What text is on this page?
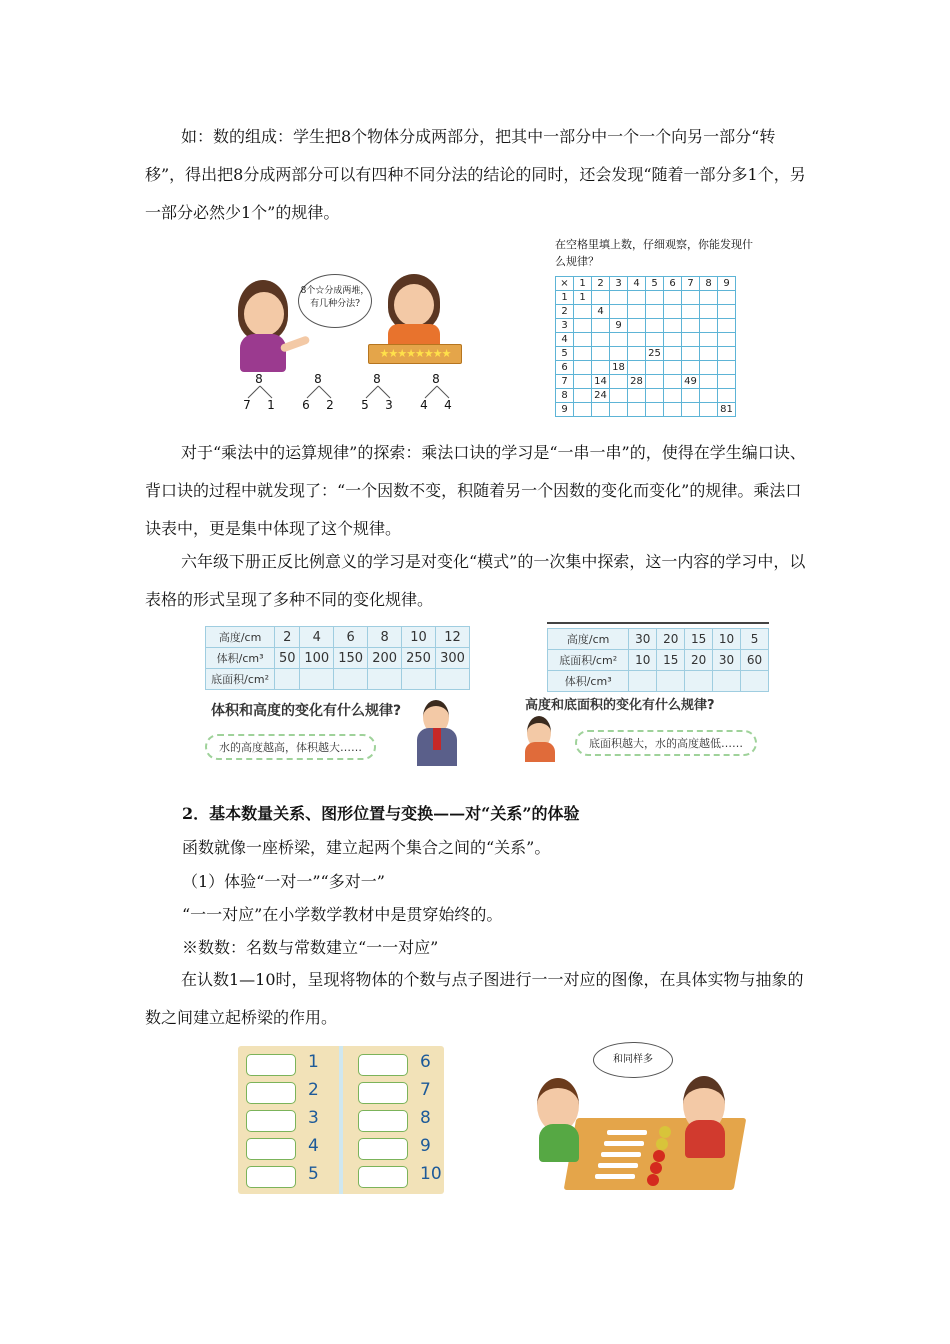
如：数的组成：学生把8个物体分成两部分，把其中一部分中一个一个向另一部分“转移”，得出把8分成两部分可以有四种不同分法的结论的同时，还会发现“随着一部分多1个，另一部分必然少1个”的规律。

8个☆分成两堆，有几种分法?
★★★★★★★★
8
7	1
8
6	2
8
5	3
8
4	4
在空格里填上数，仔细观察，你能发现什么规律？
×	1	2	3	4	5	6	7	8	9
1	1								
2		4							
3			9						
4									
5					25				
6			18						
7		14		28			49		
8		24							
9									81

对于“乘法中的运算规律”的探索：乘法口诀的学习是“一串一串”的，使得在学生编口诀、背口诀的过程中就发现了：“一个因数不变，积随着另一个因数的变化而变化”的规律。乘法口诀表中，更是集中体现了这个规律。

六年级下册正反比例意义的学习是对变化“模式”的一次集中探索，这一内容的学习中，以表格的形式呈现了多种不同的变化规律。

高度/cm	2	4	6	8	10	12
体积/cm³	50	100	150	200	250	300
底面积/cm²						
体积和高度的变化有什么规律?
水的高度越高，体积越大……
高度/cm	30	20	15	10	5
底面积/cm²	10	15	20	30	60
体积/cm³					
高度和底面积的变化有什么规律?
底面积越大，水的高度越低……
2．基本数量关系、图形位置与变换——对“关系”的体验
函数就像一座桥梁，建立起两个集合之间的“关系”。
（1）体验“一对一”“多对一”
“一一对应”在小学数学教材中是贯穿始终的。
※数数：名数与常数建立“一一对应”

在认数1—10时，呈现将物体的个数与点子图进行一一对应的图像，在具体实物与抽象的数之间建立起桥梁的作用。

1
2
3
4
5
6
7
8
9
10
和同样多
